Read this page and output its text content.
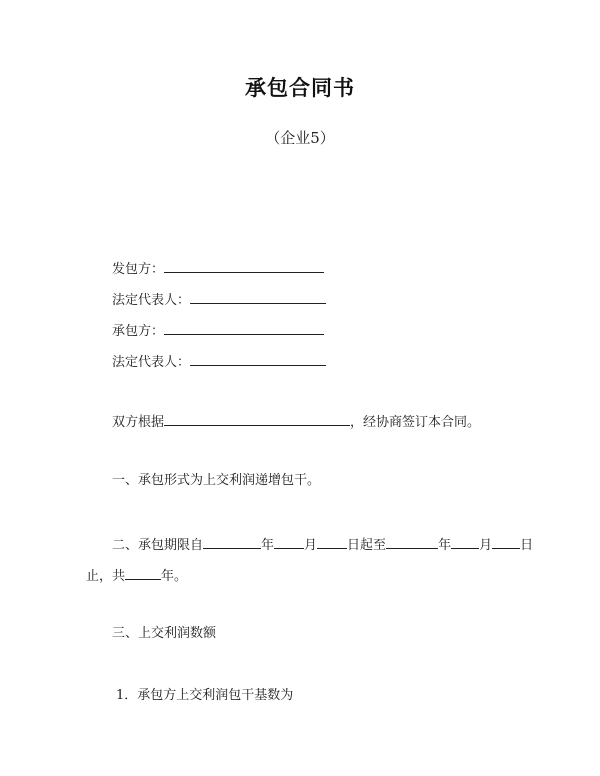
承包合同书
（企业5）
发包方：
法定代表人：
承包方：
法定代表人：
双方根据	，经协商签订本合同。
一、承包形式为上交利润递增包干。
二、承包期限自	年 月 日起至	年 月 日
止，共	年。
三、上交利润数额
1．承包方上交利润包干基数为
